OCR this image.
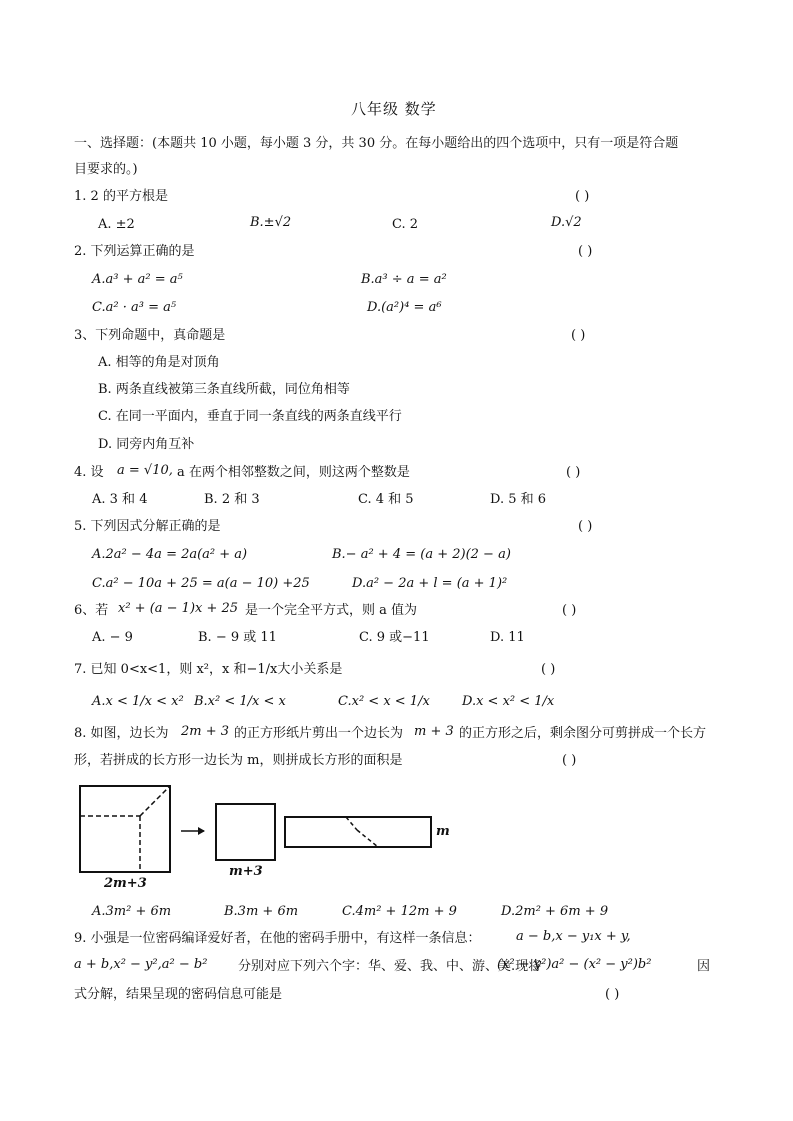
八年级 数学
一、选择题：(本题共 10 小题，每小题 3 分，共 30 分。在每小题给出的四个选项中，只有一项是符合题
目要求的。)
1. 2 的平方根是	( )
A. ±2	B.±√2	C. 2	D.√2
2. 下列运算正确的是	( )
A.a³ + a² = a⁵	B.a³ ÷ a = a²
C.a² · a³ = a⁵	D.(a²)⁴ = a⁶
3、下列命题中，真命题是	( )
A. 相等的角是对顶角
B. 两条直线被第三条直线所截，同位角相等
C. 在同一平面内，垂直于同一条直线的两条直线平行
D. 同旁内角互补
4. 设 a = √10, a 在两个相邻整数之间，则这两个整数是	( )
A. 3 和 4	B. 2 和 3	C. 4 和 5	D. 5 和 6
5. 下列因式分解正确的是	( )
A.2a² − 4a = 2a(a² + a)	B.− a² + 4 = (a + 2)(2 − a)
C.a² − 10a + 25 = a(a − 10) +25	D.a² − 2a + l = (a + 1)²
6、若 x² + (a − 1)x + 25 是一个完全平方式，则 a 值为	( )
A. − 9	B. − 9 或 11	C. 9 或−11	D. 11
7. 已知 0<x<1，则 x²，x 和−1/x大小关系是	( )
A.x < 1/x < x² B.x² < 1/x < x	C.x² < x < 1/x D.x < x² < 1/x
8. 如图，边长为 2m + 3 的正方形纸片剪出一个边长为 m + 3 的正方形之后，剩余图分可剪拼成一个长方
形，若拼成的长方形一边长为 m，则拼成长方形的面积是	( )
2m+3
m+3
m
A.3m² + 6m	B.3m + 6m	C.4m² + 12m + 9	D.2m² + 6m + 9
9. 小强是一位密码编译爱好者，在他的密码手册中，有这样一条信息：	a − b,x − y₁x + y,
a + b,x² − y²,a² − b² 分别对应下列六个字：华、爱、我、中、游、美.现将
(x² − y²)a² − (x² − y²)b²	因
式分解，结果呈现的密码信息可能是	( )
